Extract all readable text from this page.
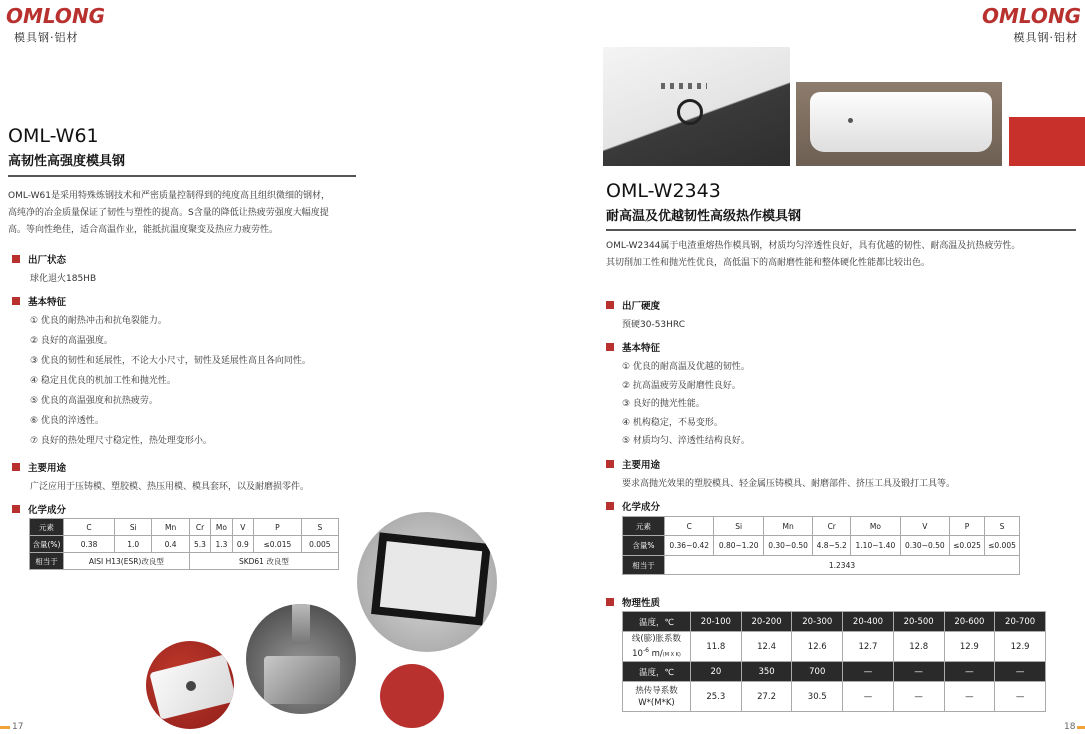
OMLONG
模具钢·铝材
OML-W61
高韧性高强度模具钢
OML-W61是采用特殊炼钢技术和严密质量控制得到的纯度高且组织微细的钢材，
高纯净的冶金质量保证了韧性与塑性的提高。S含量的降低让热疲劳强度大幅度提
高。等向性绝佳，适合高温作业，能抵抗温度聚变及热应力疲劳性。
出厂状态
球化退火185HB
基本特征
① 优良的耐热冲击和抗龟裂能力。
② 良好的高温强度。
③ 优良的韧性和延展性，不论大小尺寸，韧性及延展性高且各向同性。
④ 稳定且优良的机加工性和抛光性。
⑤ 优良的高温强度和抗热疲劳。
⑥ 优良的淬透性。
⑦ 良好的热处理尺寸稳定性，热处理变形小。
主要用途
广泛应用于压铸模、塑胶模、热压用模、模具套环，以及耐磨损零件。
化学成分
元素	C	Si	Mn	Cr	Mo	V	P	S
含量(%)	0.38	1.0	0.4	5.3	1.3	0.9	≤0.015	0.005
相当于	AISI H13(ESR)改良型			SKD61 改良型				
17
OMLONG
模具钢·铝材
OML-W2343
耐高温及优越韧性高级热作模具钢
OML-W2344属于电渣重熔热作模具钢，材质均匀淬透性良好，具有优越的韧性、耐高温及抗热疲劳性。
其切削加工性和抛光性优良，高低温下的高耐磨性能和整体硬化性能都比较出色。
出厂硬度
预硬30-53HRC
基本特征
① 优良的耐高温及优越的韧性。
② 抗高温疲劳及耐磨性良好。
③ 良好的抛光性能。
④ 机构稳定，不易变形。
⑤ 材质均匀、淬透性结构良好。
主要用途
要求高抛光效果的塑胶模具、轻金属压铸模具、耐磨部件、挤压工具及锻打工具等。
化学成分
元素	C	Si	Mn	Cr	Mo	V	P	S
含量%	0.36~0.42	0.80~1.20	0.30~0.50	4.8~5.2	1.10~1.40	0.30~0.50	≤0.025	≤0.005
相当于	1.2343							
物理性质
温度，℃	20-100	20-200	20-300	20-400	20-500	20-600	20-700

线(膨)胀系数
$10^{-6}$ m/(M X K)	11.8	12.4	12.6	12.7	12.8	12.9	12.9
温度，℃	20	350	700	—	—	—	—

热传导系数
W*(M*K)	25.3	27.2	30.5	—	—	—	—
18
